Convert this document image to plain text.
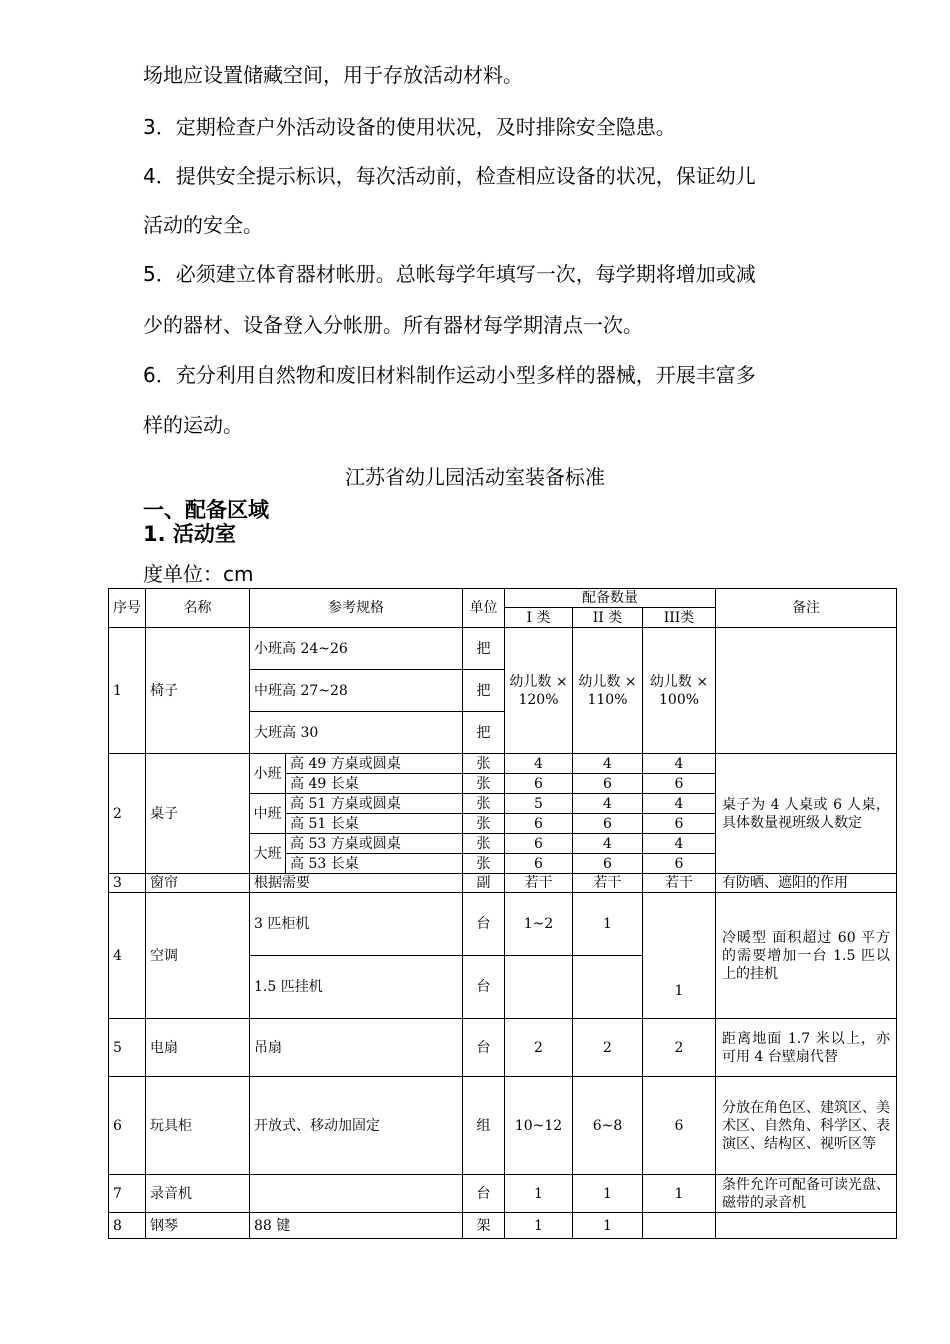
场地应设置储藏空间，用于存放活动材料。

3．定期检查户外活动设备的使用状况，及时排除安全隐患。

4．提供安全提示标识，每次活动前，检查相应设备的状况，保证幼儿

活动的安全。

5．必须建立体育器材帐册。总帐每学年填写一次，每学期将增加或减

少的器材、设备登入分帐册。所有器材每学期清点一次。

6．充分利用自然物和废旧材料制作运动小型多样的器械，开展丰富多

样的运动。

江苏省幼儿园活动室装备标准
一、配备区域
1. 活动室
度单位：cm
序号	名称	参考规格		单位	配备数量			备注
					I 类	II 类	III类	
1	椅子	小班高 24~26		把	幼儿数 × 120%	幼儿数 × 110%	幼儿数 × 100%	
		中班高 27~28		把				
		大班高 30		把				
2	桌子	小班	高 49 方桌或圆桌	张	4	4	4	桌子为 4 人桌或 6 人桌，具体数量视班级人数定
			高 49 长桌	张	6	6	6	
		中班	高 51 方桌或圆桌	张	5	4	4	
			高 51 长桌	张	6	6	6	
		大班	高 53 方桌或圆桌	张	6	4	4	
			高 53 长桌	张	6	6	6	
3	窗帘	根据需要		副	若干	若干	若干	有防晒、遮阳的作用
4	空调	3 匹柜机		台	1~2	1	1	冷暖型 面积超过 60 平方的需要增加一台 1.5 匹以上的挂机
		1.5 匹挂机		台				
5	电扇	吊扇		台	2	2	2	距离地面 1.7 米以上，亦可用 4 台壁扇代替
6	玩具柜	开放式、移动加固定		组	10~12	6~8	6	分放在角色区、建筑区、美术区、自然角、科学区、表演区、结构区、视听区等
7	录音机			台	1	1	1	条件允许可配备可读光盘、磁带的录音机
8	钢琴	88 键		架	1	1		
